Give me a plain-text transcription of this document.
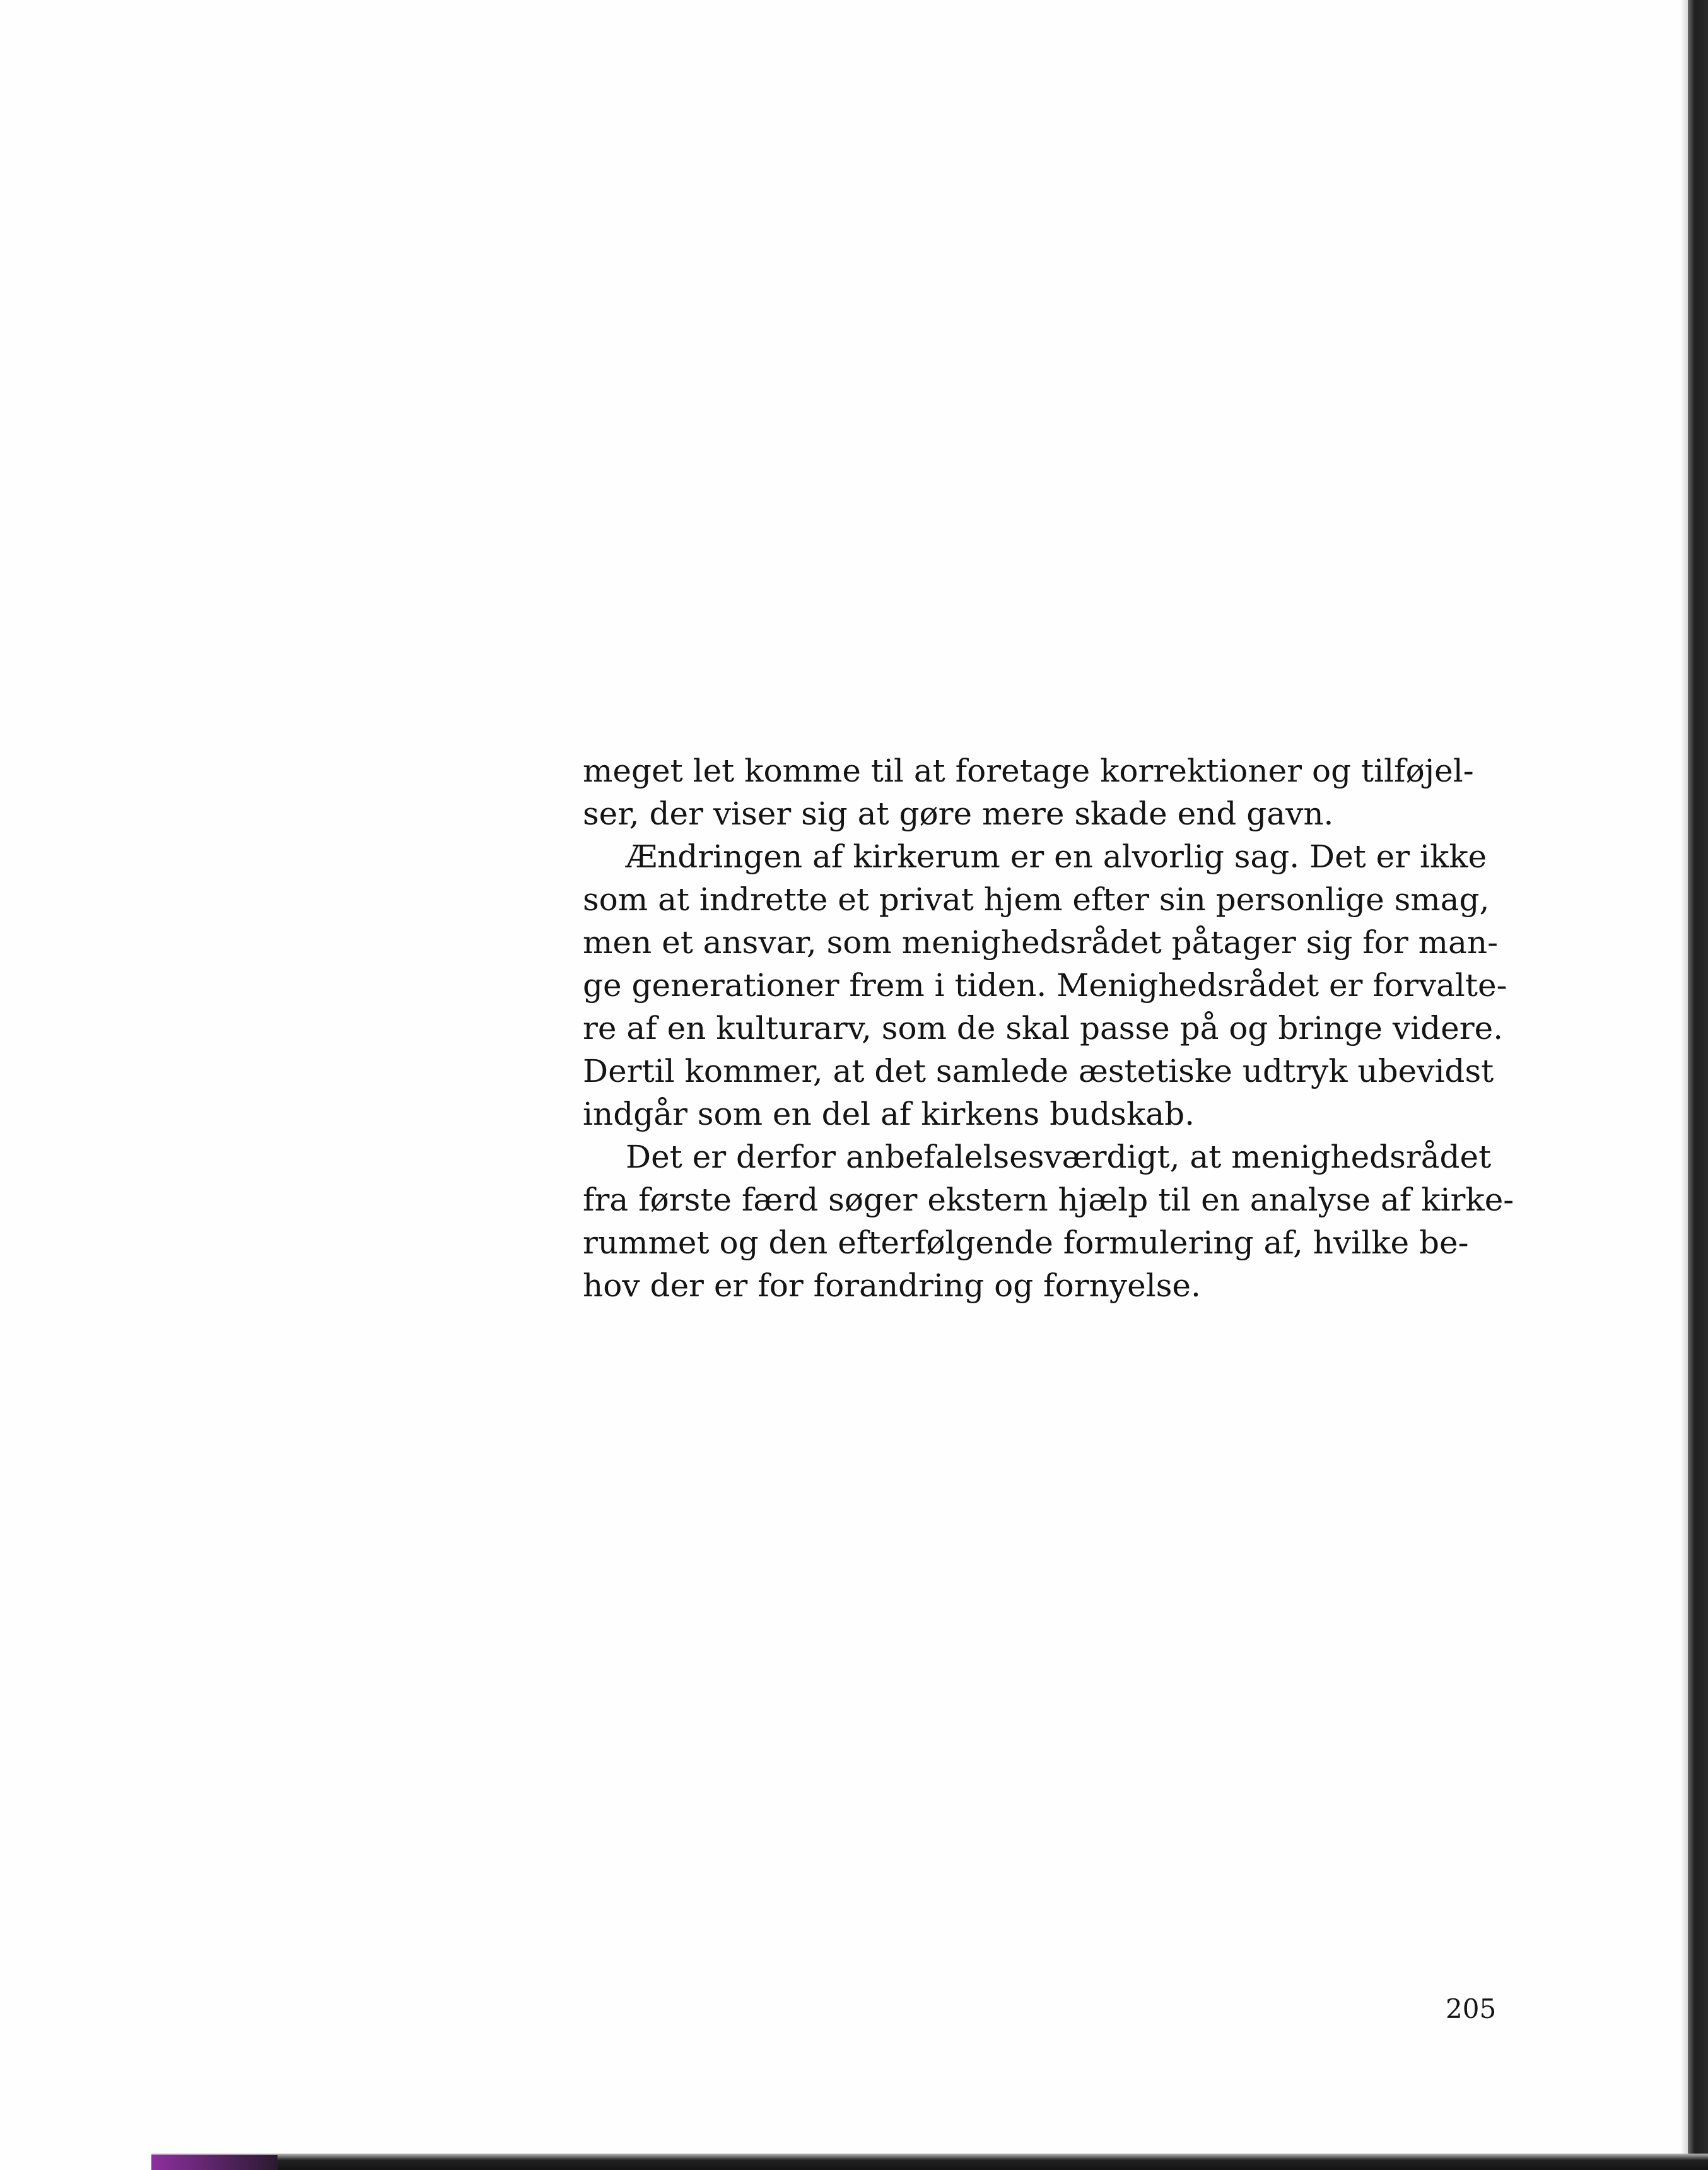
meget let komme til at foretage korrektioner og tilføjel-
ser, der viser sig at gøre mere skade end gavn.
Ændringen af kirkerum er en alvorlig sag. Det er ikke
som at indrette et privat hjem efter sin personlige smag,
men et ansvar, som menighedsrådet påtager sig for man-
ge generationer frem i tiden. Menighedsrådet er forvalte-
re af en kulturarv, som de skal passe på og bringe videre.
Dertil kommer, at det samlede æstetiske udtryk ubevidst
indgår som en del af kirkens budskab.
Det er derfor anbefalelsesværdigt, at menighedsrådet
fra første færd søger ekstern hjælp til en analyse af kirke-
rummet og den efterfølgende formulering af, hvilke be-
hov der er for forandring og fornyelse.
205
